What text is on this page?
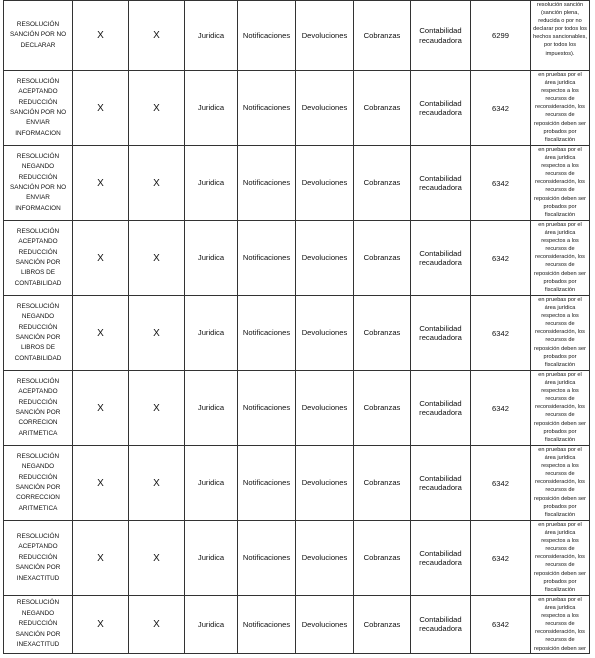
RESOLUCIÓN SANCIÓN POR NO DECLARAR	X	X	Juridica	Notificaciones	Devoluciones	Cobranzas	Contabilidad recaudadora	6299	resolución sanción (sanción plena, reducida o por no declarar por todos los hechos sancionables, por todos los impuestos).
RESOLUCIÓN ACEPTANDO REDUCCIÓN SANCIÓN POR NO ENVIAR INFORMACION	X	X	Juridica	Notificaciones	Devoluciones	Cobranzas	Contabilidad recaudadora	6342	en pruebas por el área jurídica respectos a los recursos de reconsideración, los recursos de reposición deben ser probados por fiscalización
RESOLUCIÓN NEGANDO REDUCCIÓN SANCIÓN POR NO ENVIAR INFORMACION	X	X	Juridica	Notificaciones	Devoluciones	Cobranzas	Contabilidad recaudadora	6342	en pruebas por el área jurídica respectos a los recursos de reconsideración, los recursos de reposición deben ser probados por fiscalización
RESOLUCIÓN ACEPTANDO REDUCCIÓN SANCIÓN POR LIBROS DE CONTABILIDAD	X	X	Juridica	Notificaciones	Devoluciones	Cobranzas	Contabilidad recaudadora	6342	en pruebas por el área jurídica respectos a los recursos de reconsideración, los recursos de reposición deben ser probados por fiscalización
RESOLUCIÓN NEGANDO REDUCCIÓN SANCIÓN POR LIBROS DE CONTABILIDAD	X	X	Juridica	Notificaciones	Devoluciones	Cobranzas	Contabilidad recaudadora	6342	en pruebas por el área jurídica respectos a los recursos de reconsideración, los recursos de reposición deben ser probados por fiscalización
RESOLUCIÓN ACEPTANDO REDUCCIÓN SANCIÓN POR CORRECION ARITMETICA	X	X	Juridica	Notificaciones	Devoluciones	Cobranzas	Contabilidad recaudadora	6342	en pruebas por el área jurídica respectos a los recursos de reconsideración, los recursos de reposición deben ser probados por fiscalización
RESOLUCIÓN NEGANDO REDUCCIÓN SANCIÓN POR CORRECCION ARITMETICA	X	X	Juridica	Notificaciones	Devoluciones	Cobranzas	Contabilidad recaudadora	6342	en pruebas por el área jurídica respectos a los recursos de reconsideración, los recursos de reposición deben ser probados por fiscalización
RESOLUCIÓN ACEPTANDO REDUCCIÓN SANCIÓN POR INEXACTITUD	X	X	Juridica	Notificaciones	Devoluciones	Cobranzas	Contabilidad recaudadora	6342	en pruebas por el área jurídica respectos a los recursos de reconsideración, los recursos de reposición deben ser probados por fiscalización
RESOLUCIÓN NEGANDO REDUCCIÓN SANCIÓN POR INEXACTITUD	X	X	Juridica	Notificaciones	Devoluciones	Cobranzas	Contabilidad recaudadora	6342	en pruebas por el área jurídica respectos a los recursos de reconsideración, los recursos de reposición deben ser
